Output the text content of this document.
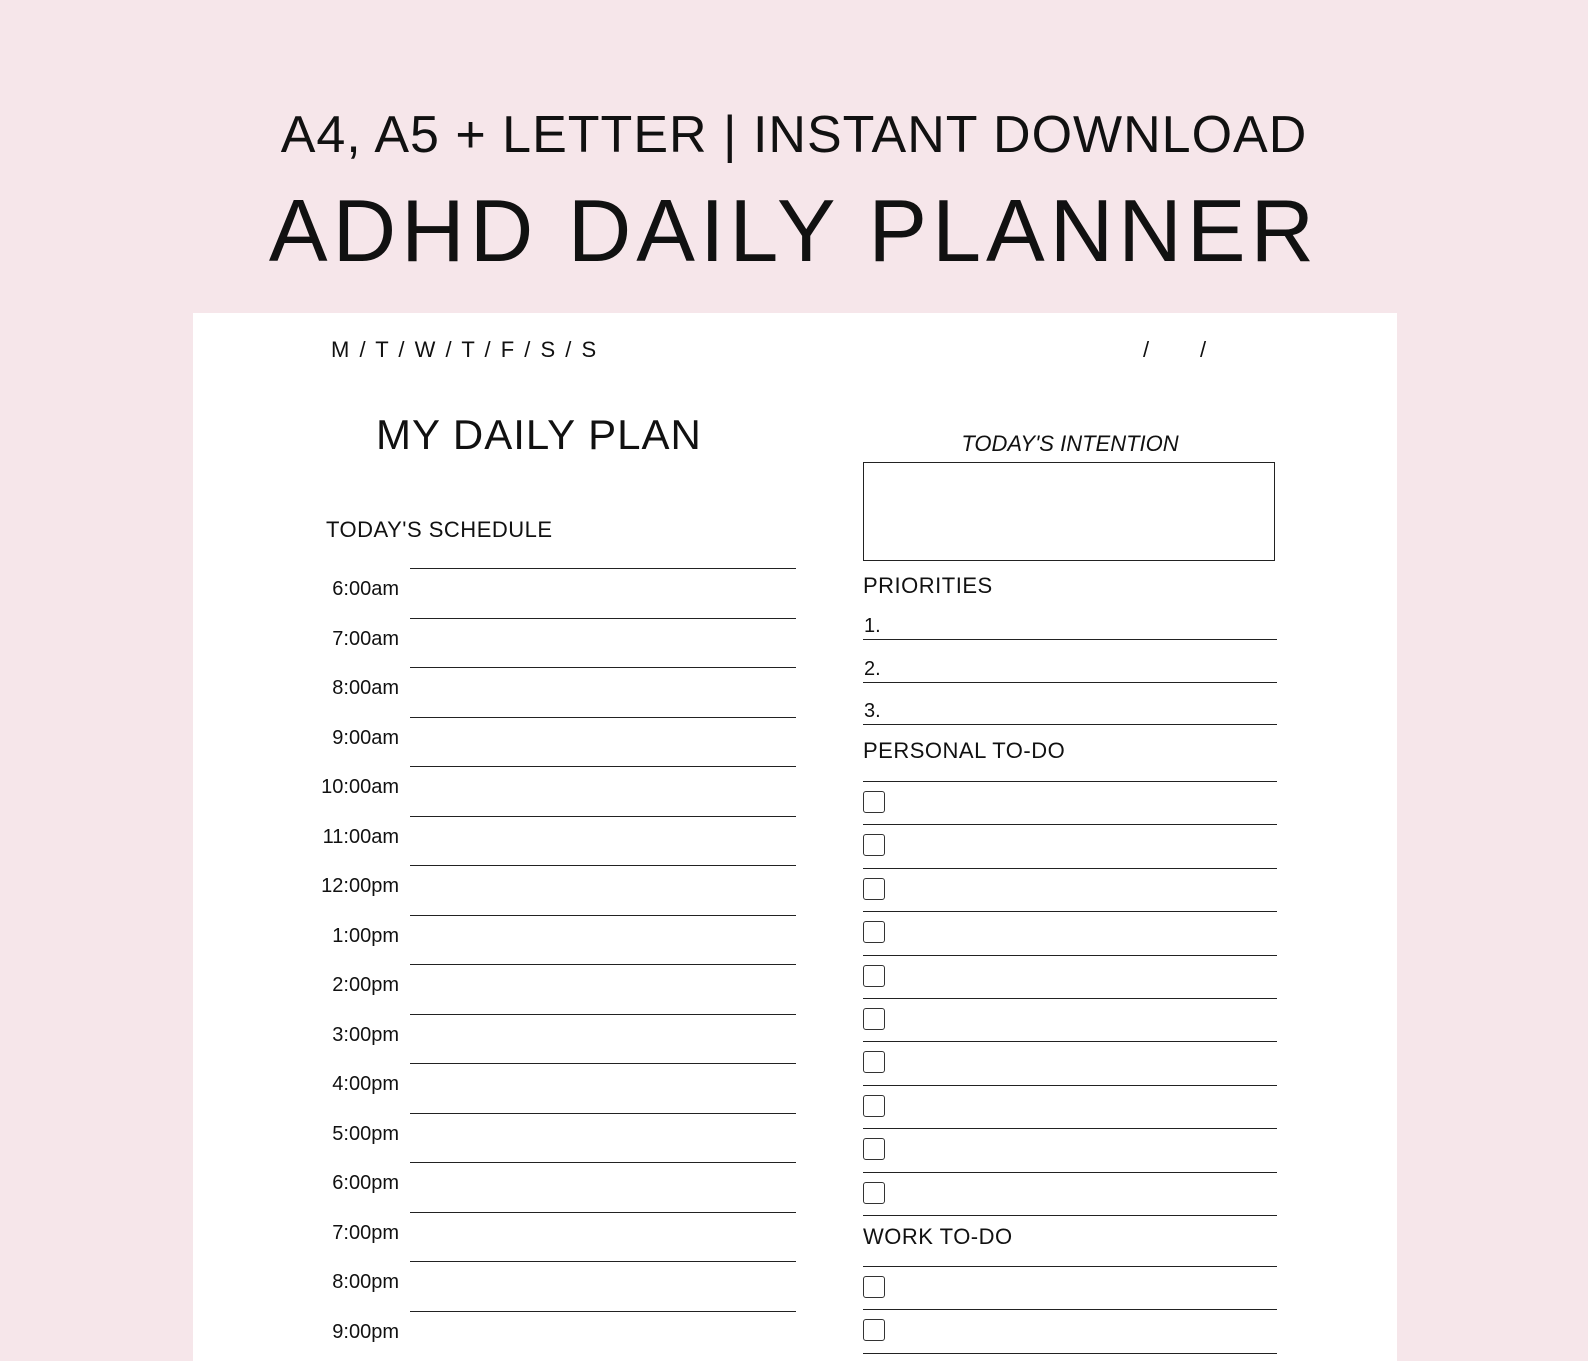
A4, A5 + LETTER | INSTANT DOWNLOAD
ADHD DAILY PLANNER
M / T / W / T / F / S / S	/ /
MY DAILY PLAN
TODAY'S SCHEDULE
6:00am
7:00am
8:00am
9:00am
10:00am
11:00am
12:00pm
1:00pm
2:00pm
3:00pm
4:00pm
5:00pm
6:00pm
7:00pm
8:00pm
9:00pm
TODAY'S INTENTION
PRIORITIES
1.
2.
3.
PERSONAL TO-DO
WORK TO-DO
